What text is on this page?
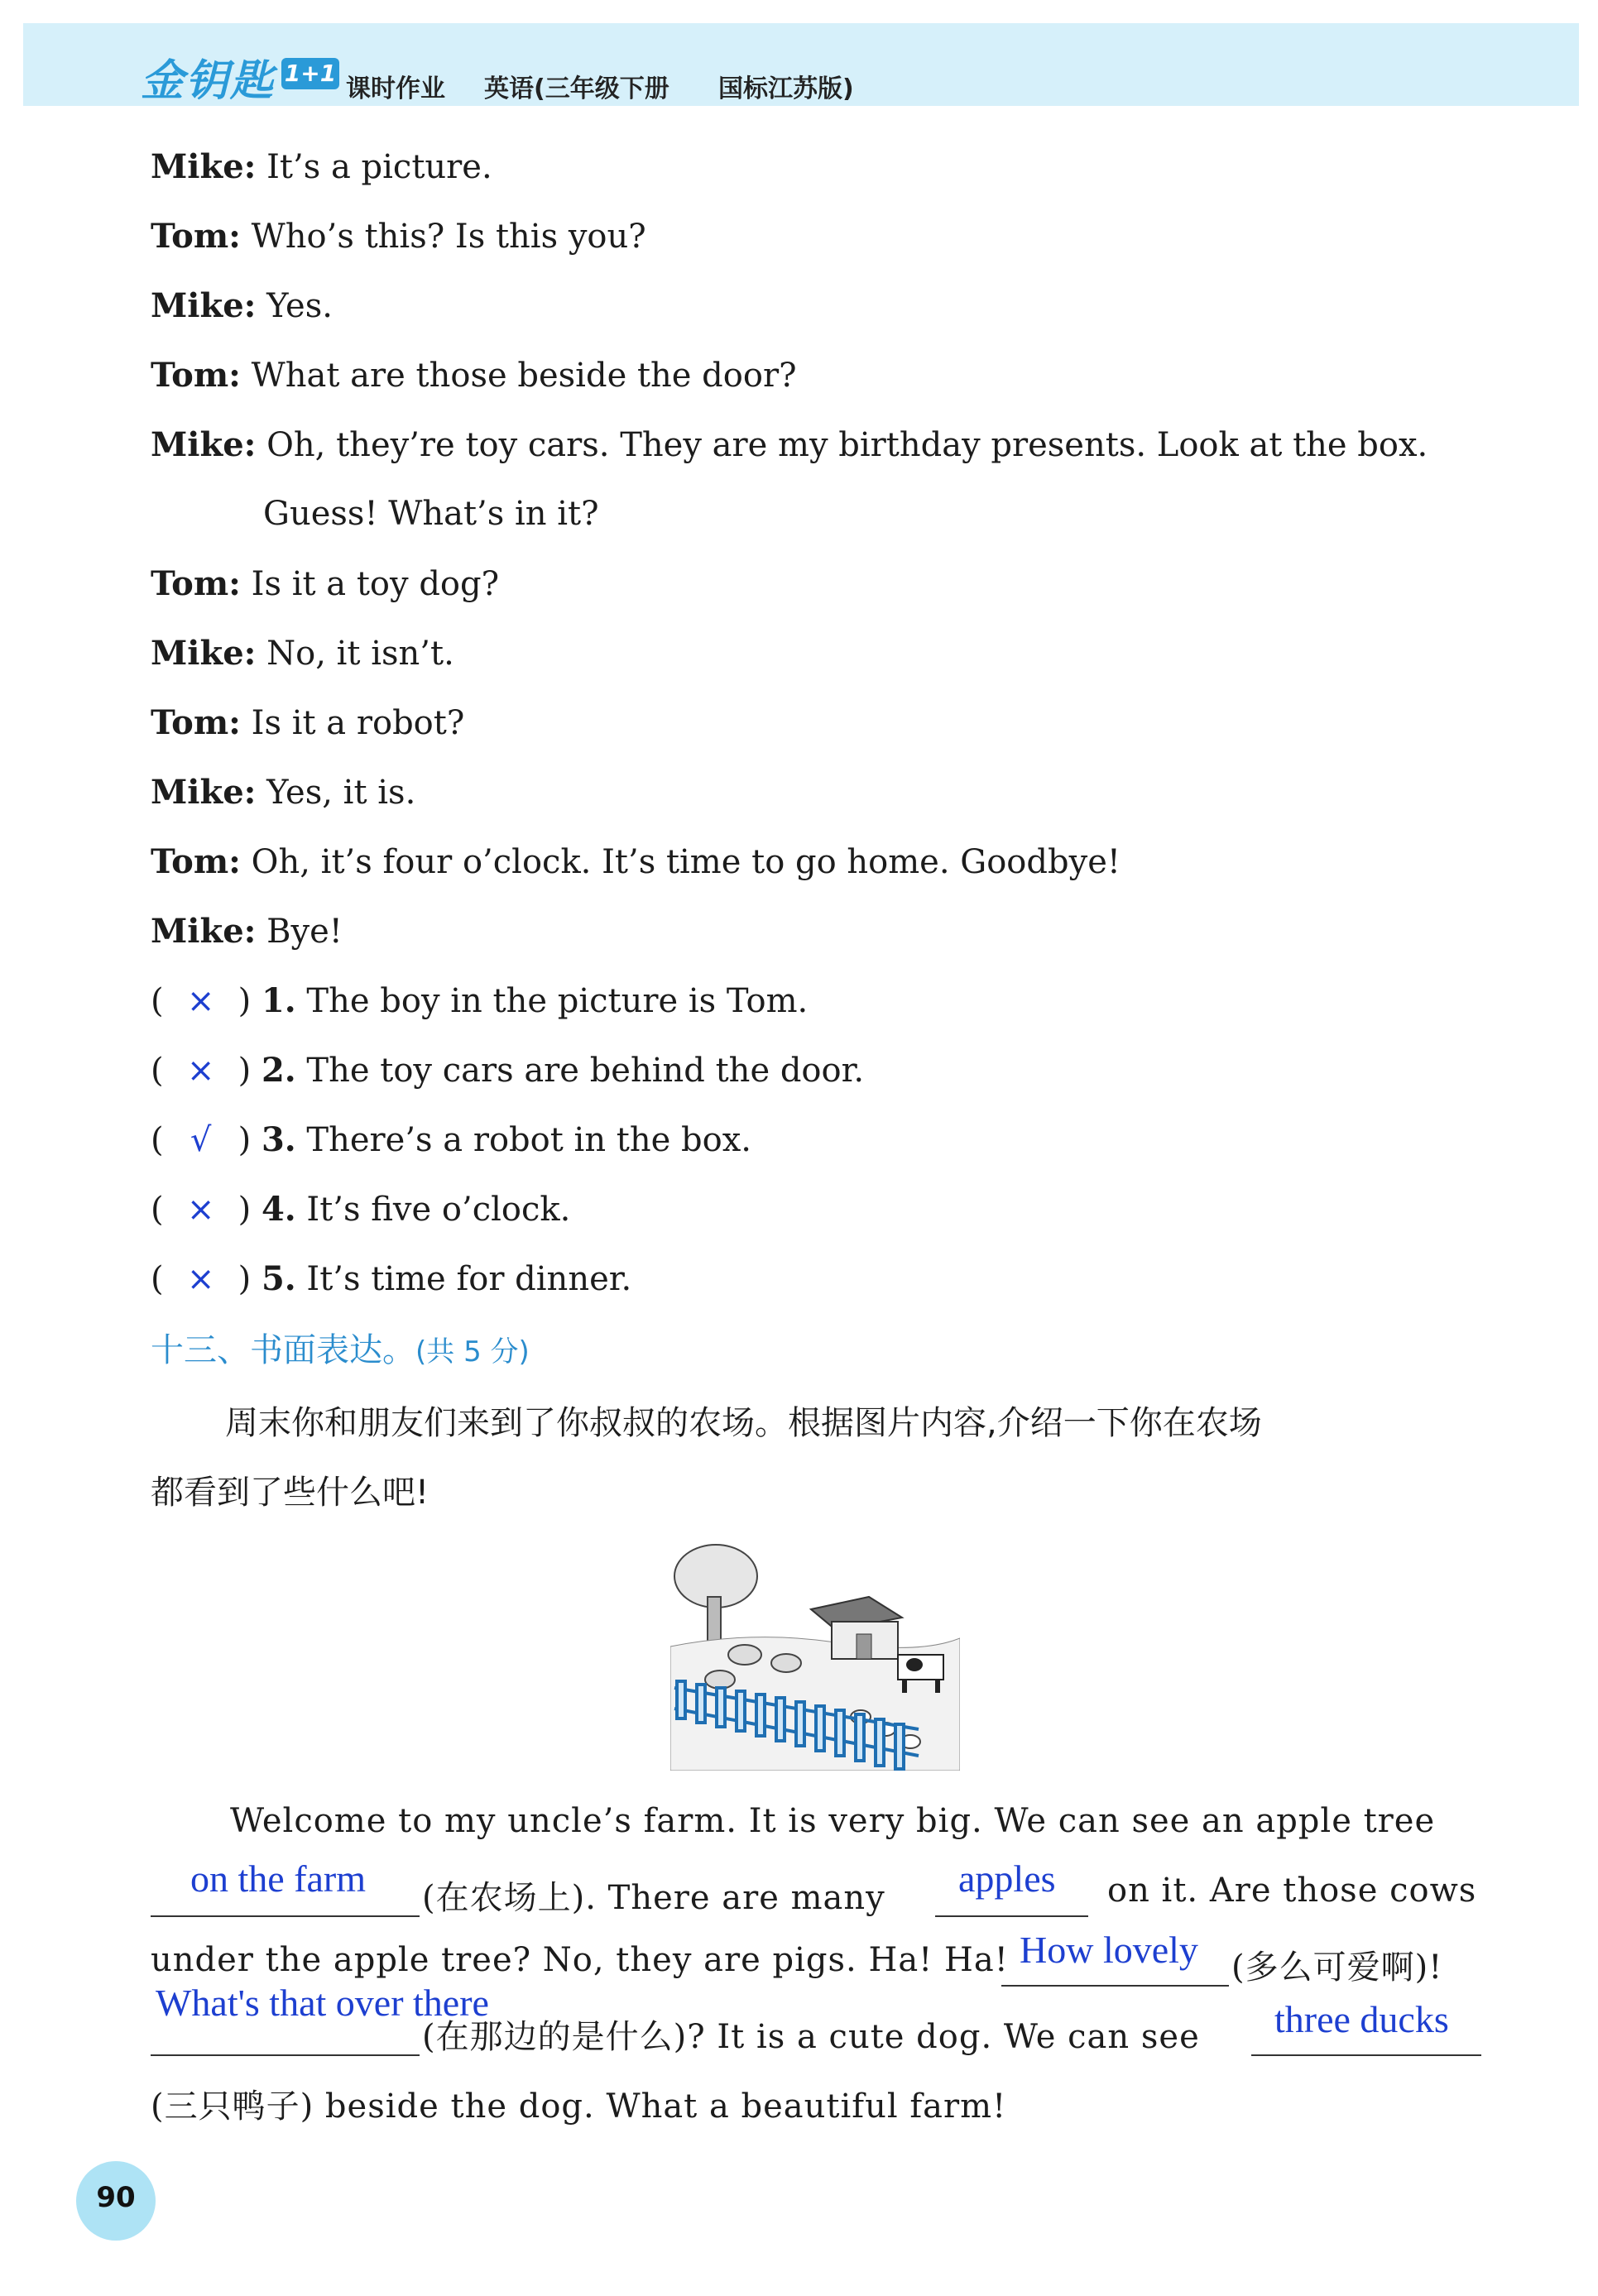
金钥匙 1+1
课时作业 英语(三年级下册 国标江苏版)
Mike: It’s a picture.
Tom: Who’s this? Is this you?
Mike: Yes.
Tom: What are those beside the door?
Mike: Oh, they’re toy cars. They are my birthday presents. Look at the box.
Guess! What’s in it?
Tom: Is it a toy dog?
Mike: No, it isn’t.
Tom: Is it a robot?
Mike: Yes, it is.
Tom: Oh, it’s four o’clock. It’s time to go home. Goodbye!
Mike: Bye!
( × ) 1. The boy in the picture is Tom.
( × ) 2. The toy cars are behind the door.
( √ ) 3. There’s a robot in the box.
( × ) 4. It’s five o’clock.
( × ) 5. It’s time for dinner.
十三、书面表达。(共 5 分)
周末你和朋友们来到了你叔叔的农场。根据图片内容,介绍一下你在农场
都看到了些什么吧!
Welcome to my uncle’s farm. It is very big. We can see an apple tree
on the farm (在农场上). There are many apples on it. Are those cows
under the apple tree? No, they are pigs. Ha! Ha! How lovely (多么可爱啊)!
What's that over there
(在那边的是什么)? It is a cute dog. We can see three ducks
(三只鸭子) beside the dog. What a beautiful farm!
90
